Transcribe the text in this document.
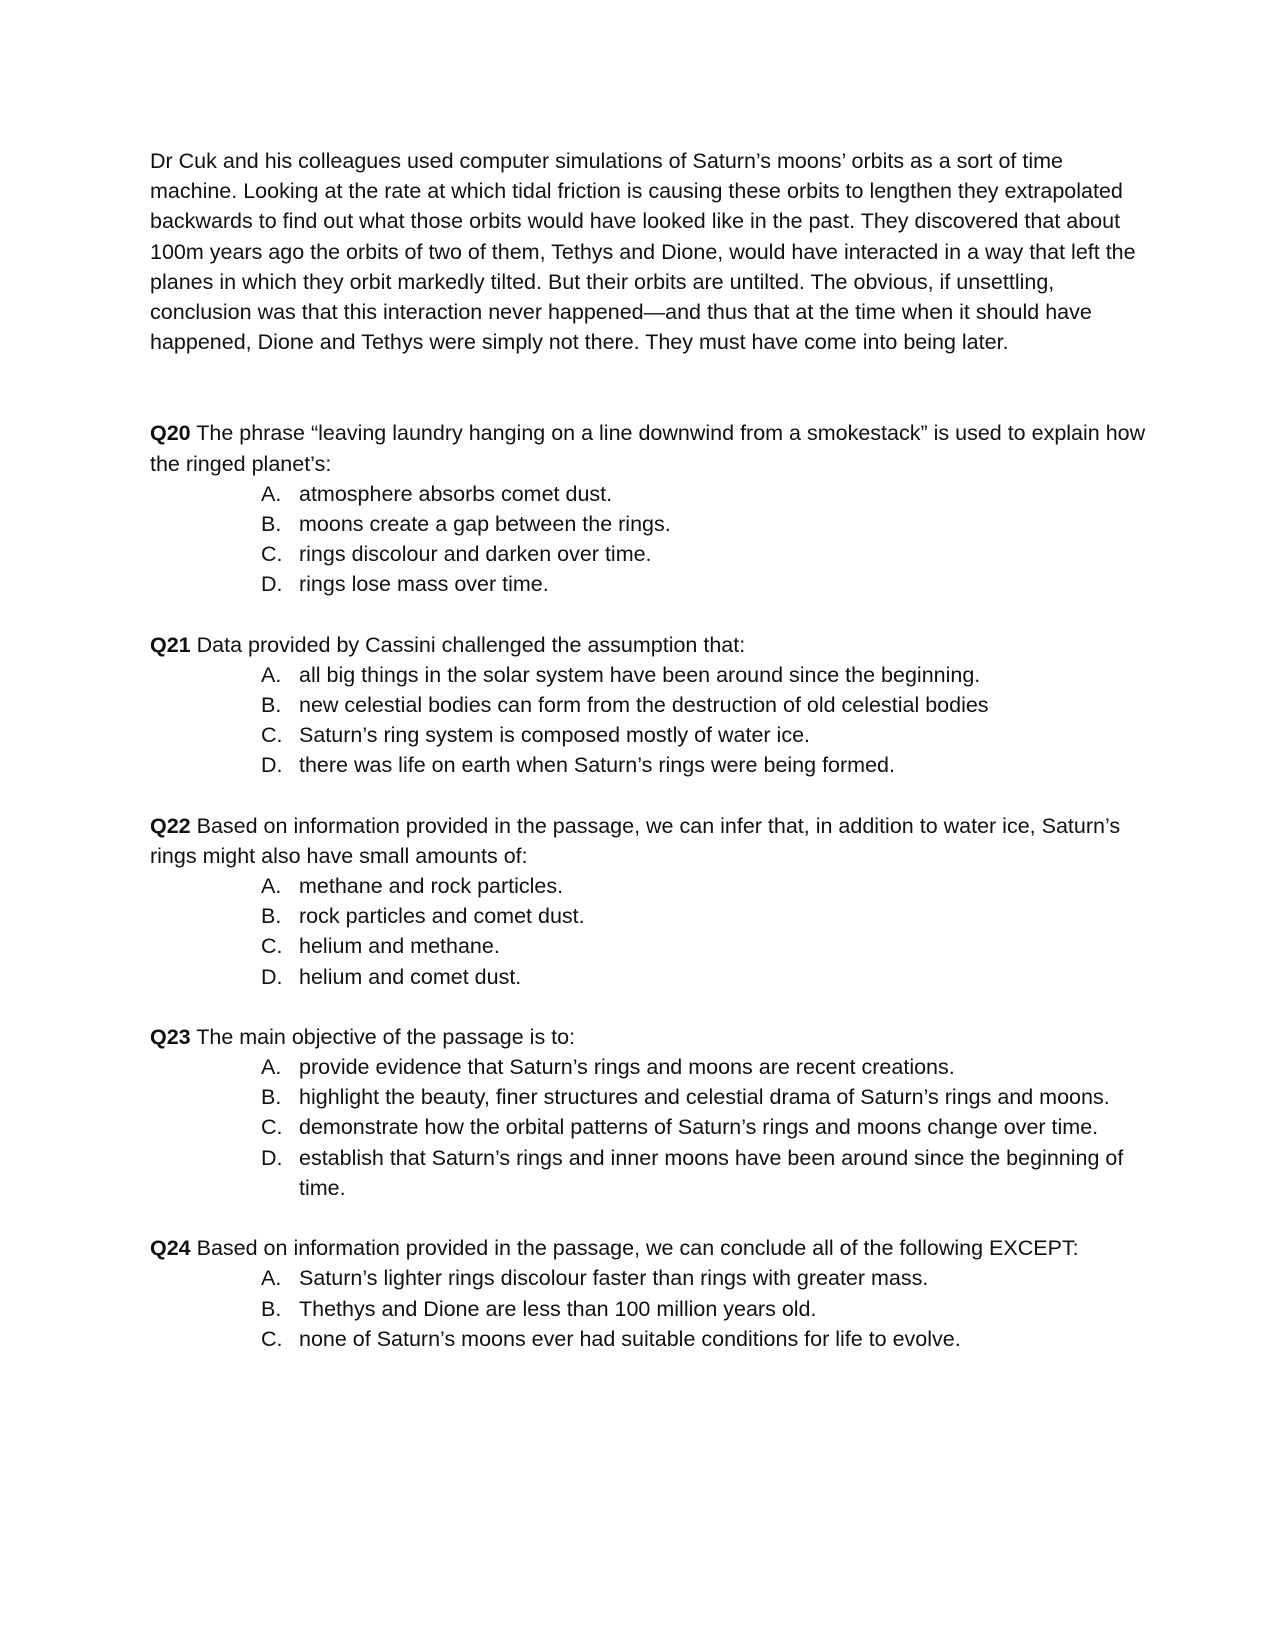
Dr Cuk and his colleagues used computer simulations of Saturn’s moons’ orbits as a sort of time machine. Looking at the rate at which tidal friction is causing these orbits to lengthen they extrapolated backwards to find out what those orbits would have looked like in the past. They discovered that about 100m years ago the orbits of two of them, Tethys and Dione, would have interacted in a way that left the planes in which they orbit markedly tilted. But their orbits are untilted. The obvious, if unsettling, conclusion was that this interaction never happened—and thus that at the time when it should have happened, Dione and Tethys were simply not there. They must have come into being later.

Q20 The phrase “leaving laundry hanging on a line downwind from a smokestack” is used to explain how the ringed planet’s:

A. atmosphere absorbs comet dust.
B. moons create a gap between the rings.
C. rings discolour and darken over time.
D. rings lose mass over time.

Q21 Data provided by Cassini challenged the assumption that:

A. all big things in the solar system have been around since the beginning.
B. new celestial bodies can form from the destruction of old celestial bodies
C. Saturn’s ring system is composed mostly of water ice.
D. there was life on earth when Saturn’s rings were being formed.

Q22 Based on information provided in the passage, we can infer that, in addition to water ice, Saturn’s rings might also have small amounts of:

A. methane and rock particles.
B. rock particles and comet dust.
C. helium and methane.
D. helium and comet dust.

Q23 The main objective of the passage is to:

A. provide evidence that Saturn’s rings and moons are recent creations.
B. highlight the beauty, finer structures and celestial drama of Saturn’s rings and moons.
C. demonstrate how the orbital patterns of Saturn’s rings and moons change over time.
D. establish that Saturn’s rings and inner moons have been around since the beginning of time.

Q24 Based on information provided in the passage, we can conclude all of the following EXCEPT:

A. Saturn’s lighter rings discolour faster than rings with greater mass.
B. Thethys and Dione are less than 100 million years old.
C. none of Saturn’s moons ever had suitable conditions for life to evolve.
